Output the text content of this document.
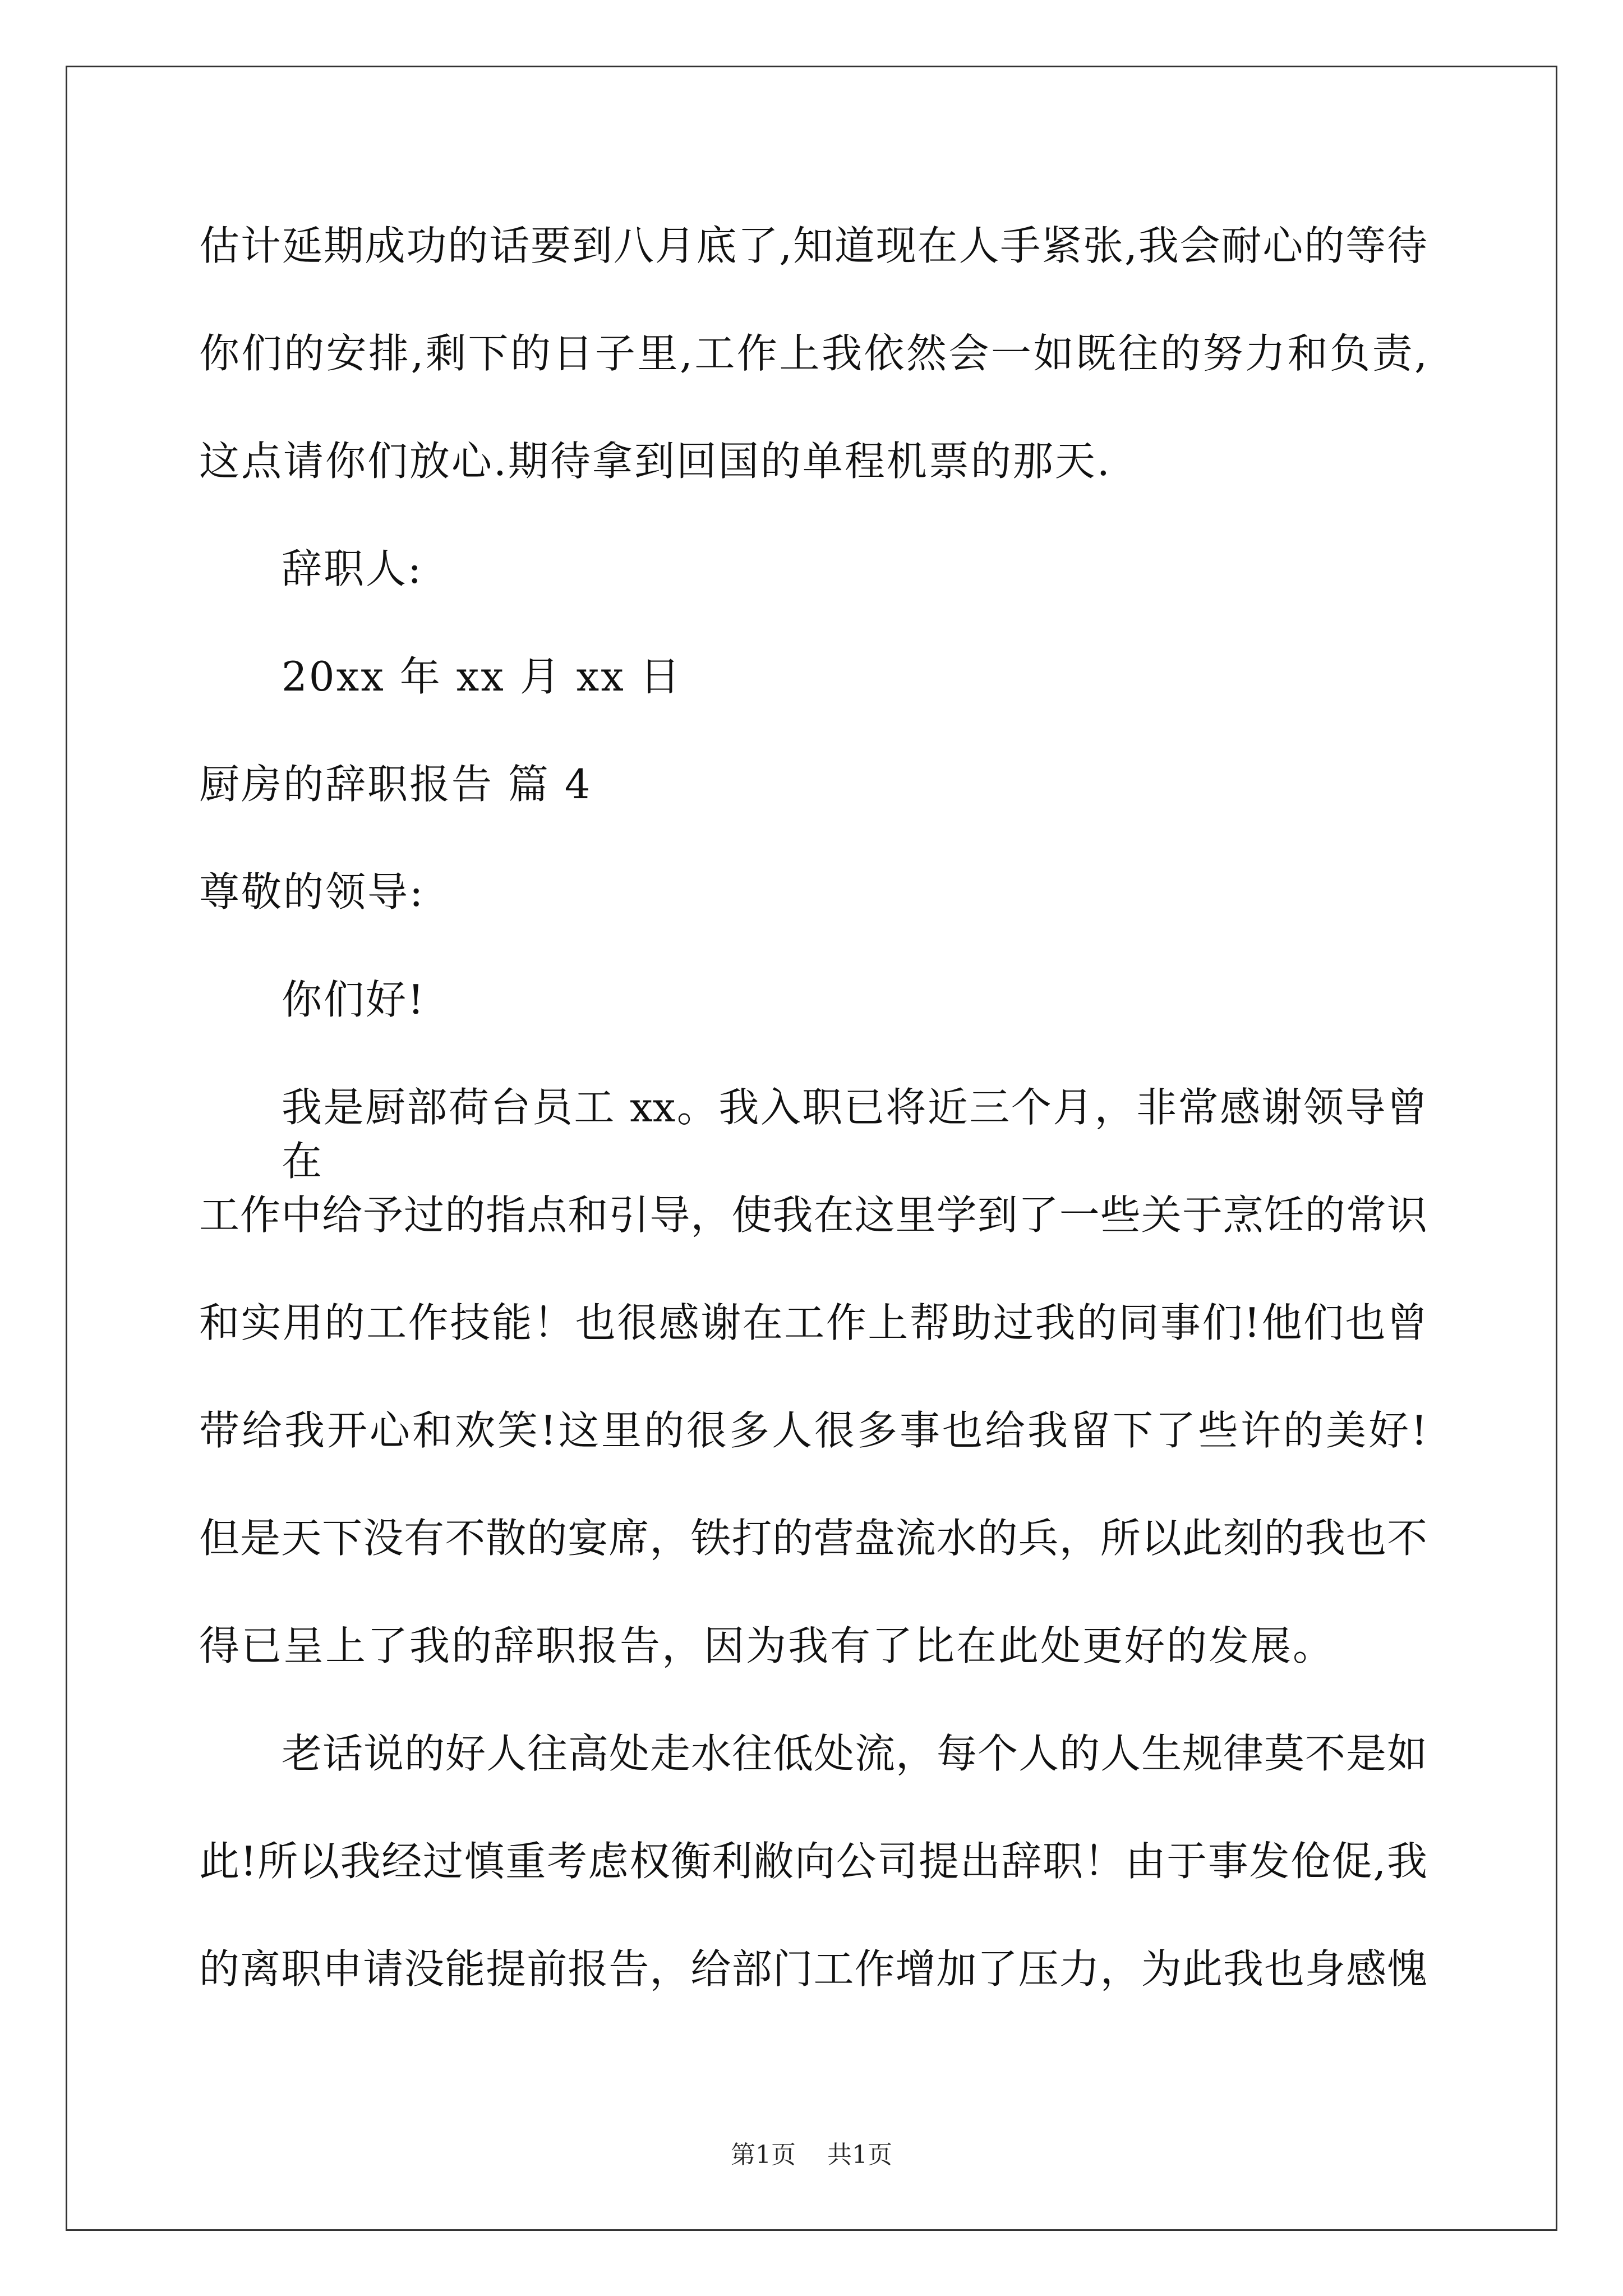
估计延期成功的话要到八月底了,知道现在人手紧张,我会耐心的等待
你们的安排,剩下的日子里,工作上我依然会一如既往的努力和负责,
这点请你们放心.期待拿到回国的单程机票的那天.
辞职人:
20xx 年 xx 月 xx 日
厨房的辞职报告 篇 4
尊敬的领导:
你们好!
我是厨部荷台员工 xx。我入职已将近三个月，非常感谢领导曾在
工作中给予过的指点和引导，使我在这里学到了一些关于烹饪的常识
和实用的工作技能！也很感谢在工作上帮助过我的同事们!他们也曾
带给我开心和欢笑!这里的很多人很多事也给我留下了些许的美好!
但是天下没有不散的宴席，铁打的营盘流水的兵，所以此刻的我也不
得已呈上了我的辞职报告，因为我有了比在此处更好的发展。
老话说的好人往高处走水往低处流，每个人的人生规律莫不是如
此!所以我经过慎重考虑权衡利敝向公司提出辞职！由于事发伧促,我
的离职申请没能提前报告，给部门工作增加了压力，为此我也身感愧
第1页    共1页
